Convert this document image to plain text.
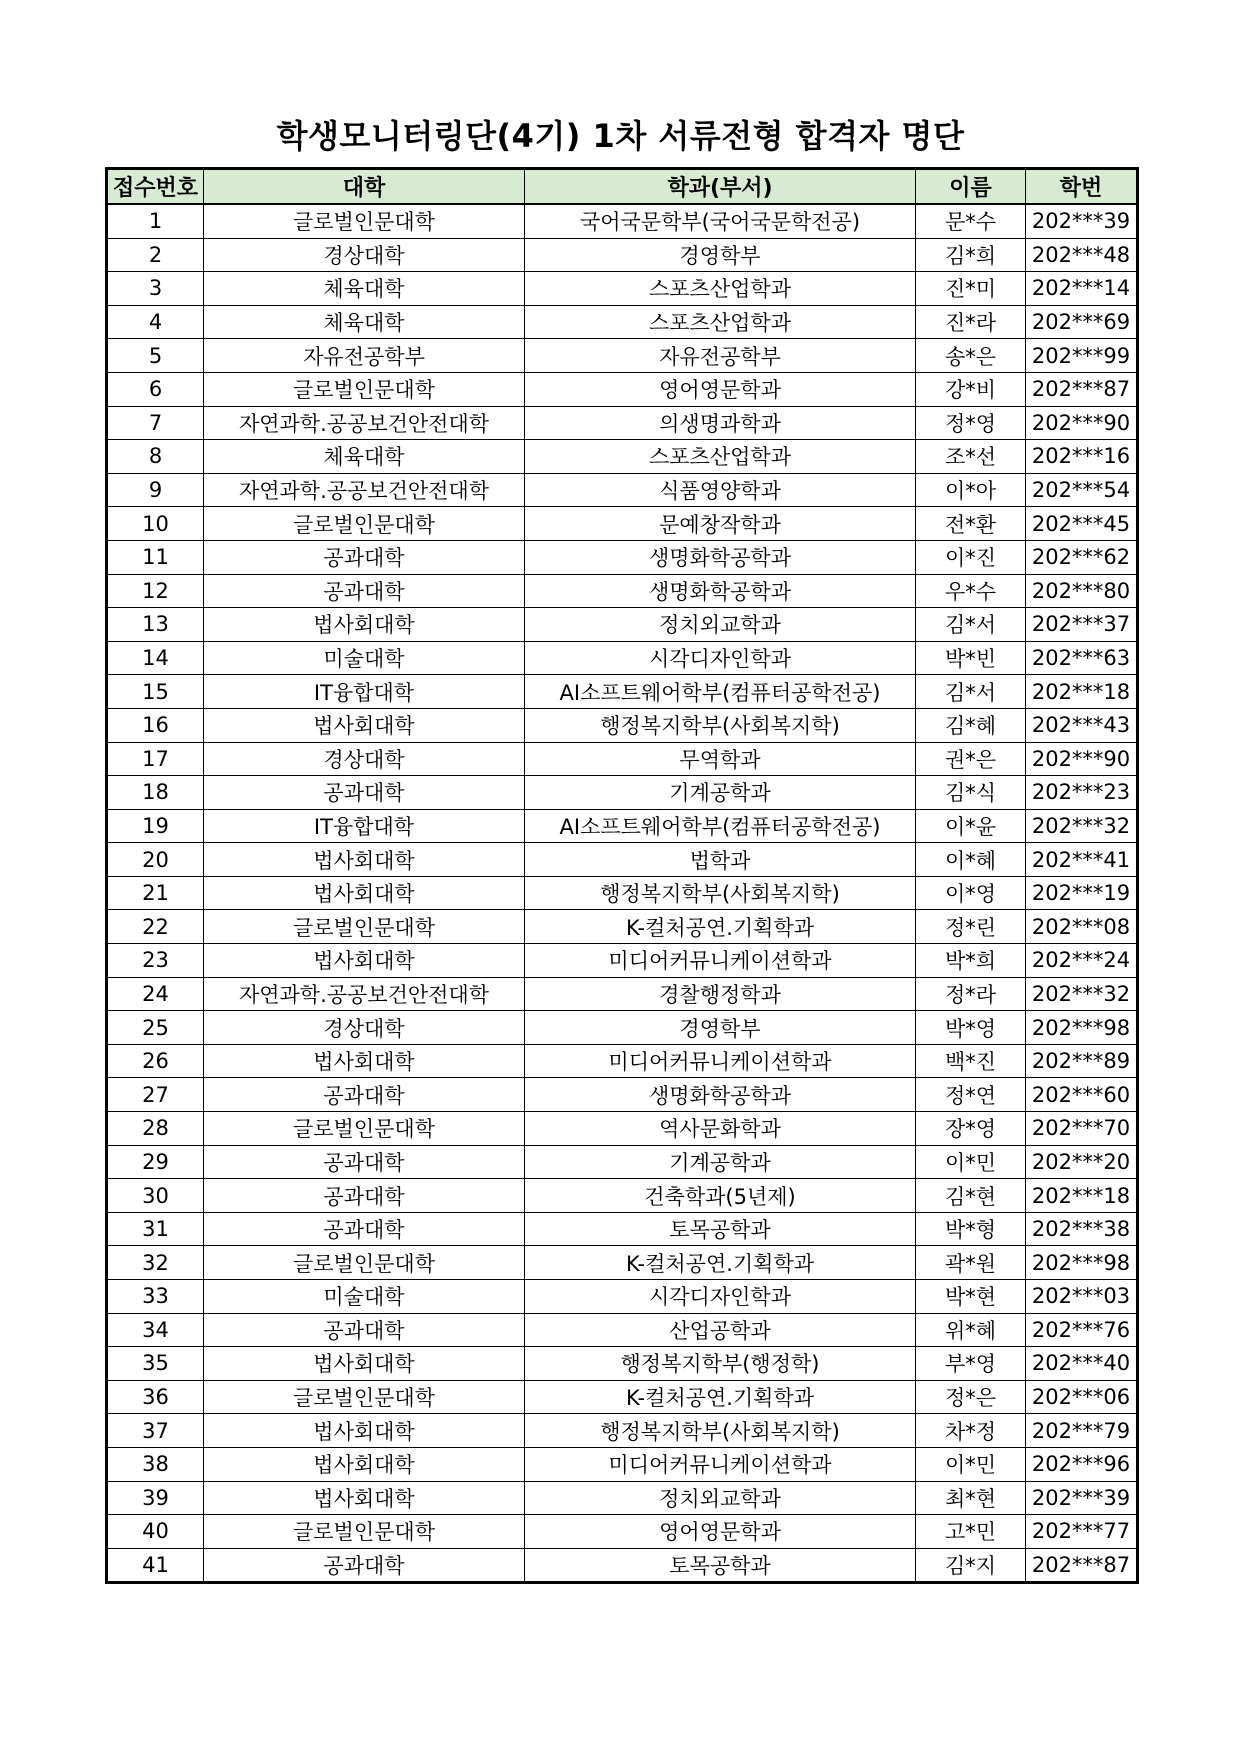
학생모니터링단(4기) 1차 서류전형 합격자 명단
접수번호	대학	학과(부서)	이름	학번
1	글로벌인문대학	국어국문학부(국어국문학전공)	문*수	202***39
2	경상대학	경영학부	김*희	202***48
3	체육대학	스포츠산업학과	진*미	202***14
4	체육대학	스포츠산업학과	진*라	202***69
5	자유전공학부	자유전공학부	송*은	202***99
6	글로벌인문대학	영어영문학과	강*비	202***87
7	자연과학.공공보건안전대학	의생명과학과	정*영	202***90
8	체육대학	스포츠산업학과	조*선	202***16
9	자연과학.공공보건안전대학	식품영양학과	이*아	202***54
10	글로벌인문대학	문예창작학과	전*환	202***45
11	공과대학	생명화학공학과	이*진	202***62
12	공과대학	생명화학공학과	우*수	202***80
13	법사회대학	정치외교학과	김*서	202***37
14	미술대학	시각디자인학과	박*빈	202***63
15	IT융합대학	AI소프트웨어학부(컴퓨터공학전공)	김*서	202***18
16	법사회대학	행정복지학부(사회복지학)	김*혜	202***43
17	경상대학	무역학과	권*은	202***90
18	공과대학	기계공학과	김*식	202***23
19	IT융합대학	AI소프트웨어학부(컴퓨터공학전공)	이*윤	202***32
20	법사회대학	법학과	이*혜	202***41
21	법사회대학	행정복지학부(사회복지학)	이*영	202***19
22	글로벌인문대학	K-컬처공연.기획학과	정*린	202***08
23	법사회대학	미디어커뮤니케이션학과	박*희	202***24
24	자연과학.공공보건안전대학	경찰행정학과	정*라	202***32
25	경상대학	경영학부	박*영	202***98
26	법사회대학	미디어커뮤니케이션학과	백*진	202***89
27	공과대학	생명화학공학과	정*연	202***60
28	글로벌인문대학	역사문화학과	장*영	202***70
29	공과대학	기계공학과	이*민	202***20
30	공과대학	건축학과(5년제)	김*현	202***18
31	공과대학	토목공학과	박*형	202***38
32	글로벌인문대학	K-컬처공연.기획학과	곽*원	202***98
33	미술대학	시각디자인학과	박*현	202***03
34	공과대학	산업공학과	위*혜	202***76
35	법사회대학	행정복지학부(행정학)	부*영	202***40
36	글로벌인문대학	K-컬처공연.기획학과	정*은	202***06
37	법사회대학	행정복지학부(사회복지학)	차*정	202***79
38	법사회대학	미디어커뮤니케이션학과	이*민	202***96
39	법사회대학	정치외교학과	최*현	202***39
40	글로벌인문대학	영어영문학과	고*민	202***77
41	공과대학	토목공학과	김*지	202***87
